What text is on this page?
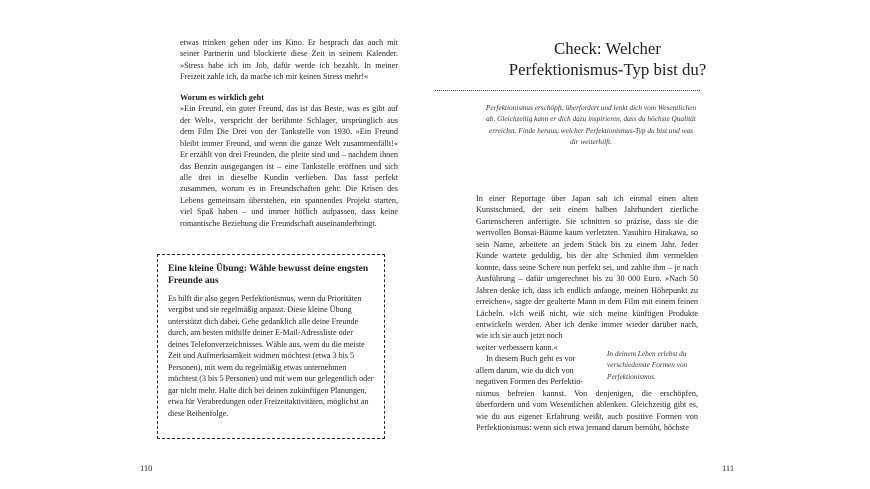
etwas trinken gehen oder ins Kino. Er besprach das auch mit seiner Partnerin und blockierte diese Zeit in seinem Kalender. »Stress habe ich im Job, dafür werde ich bezahlt. In meiner Freizeit zahle ich, da mache ich mir keinen Stress mehr!«

Worum es wirklich geht

»Ein Freund, ein guter Freund, das ist das Beste, was es gibt auf der Welt«, verspricht der berühmte Schlager, ursprünglich aus dem Film Die Drei von der Tankstelle von 1930. »Ein Freund bleibt immer Freund, und wenn die ganze Welt zusammenfällt!« Er erzählt von drei Freunden, die pleite sind und – nachdem ihnen das Benzin ausgegangen ist – eine Tankstelle eröffnen und sich alle drei in dieselbe Kundin verlieben. Das fasst perfekt zusammen, worum es in Freundschaften geht: Die Krisen des Lebens gemeinsam überstehen, ein spannendes Projekt starten, viel Spaß haben – und immer höflich aufpassen, dass keine romantische Beziehung die Freundschaft auseinanderbringt.

Eine kleine Übung: Wähle bewusst deine engsten Freunde aus

Es hilft dir also gegen Perfektionismus, wenn du Prioritäten vergibst und sie regelmäßig anpasst. Diese kleine Übung unterstützt dich dabei. Gehe gedanklich alle deine Freunde durch, am besten mithilfe deiner E-Mail-Adressliste oder deines Telefonverzeichnisses. Wähle aus, wem du die meiste Zeit und Aufmerksamkeit widmen möchtest (etwa 3 bis 5 Personen), mit wem du regelmäßig etwas unternehmen möchtest (3 bis 5 Personen) und mit wem nur gelegentlich oder gar nicht mehr. Halte dich bei deinen zukünftigen Planungen, etwa für Verabredungen oder Freizeitaktivitäten, möglichst an diese Reihenfolge.

110
Check: Welcher Perfektionismus-Typ bist du?
Perfektionismus erschöpft, überfordert und lenkt dich vom Wesentlichen ab. Gleichzeitig kann er dich dazu inspirieren, dass du höchste Qualität erreichst. Finde heraus, welcher Perfektionismus-Typ du bist und was dir weiterhilft.

In einer Reportage über Japan sah ich einmal einen alten Kunstschmied, der seit einem halben Jahrhundert zierliche Gartenscheren anfertigte. Sie schnitten so präzise, dass sie die wertvollen Bonsai-Bäume kaum verletzten. Yasuhiro Hirakawa, so sein Name, arbeitete an jedem Stück bis zu einem Jahr. Jeder Kunde wartete geduldig, bis der alte Schmied ihm vermelden konnte, dass seine Schere nun perfekt sei, und zahlte ihm – je nach Ausführung – dafür umgerechnet bis zu 30 000 Euro. »Nach 50 Jahren denke ich, dass ich endlich anfange, meinen Höhepunkt zu erreichen«, sagte der gealterte Mann in dem Film mit einem feinen Lächeln. »Ich weiß nicht, wie sich meine künftigen Produkte entwickeln werden. Aber ich denke immer wieder darüber nach, wie ich sie auch jetzt noch

weiter verbessern kann.«

In diesem Buch geht es vor

allem darum, wie du dich von

negativen Formen des Perfektio-

nismus befreien kannst. Von denjenigen, die erschöpfen, überfordern und vom Wesentlichen ablenken. Gleichzeitig gibt es, wie du aus eigener Erfahrung weißt, auch positive Formen von Perfektionismus: wenn sich etwa jemand darum bemüht, höchste

In deinem Leben erlebst du verschiedenste Formen von Perfektionismus.
111
